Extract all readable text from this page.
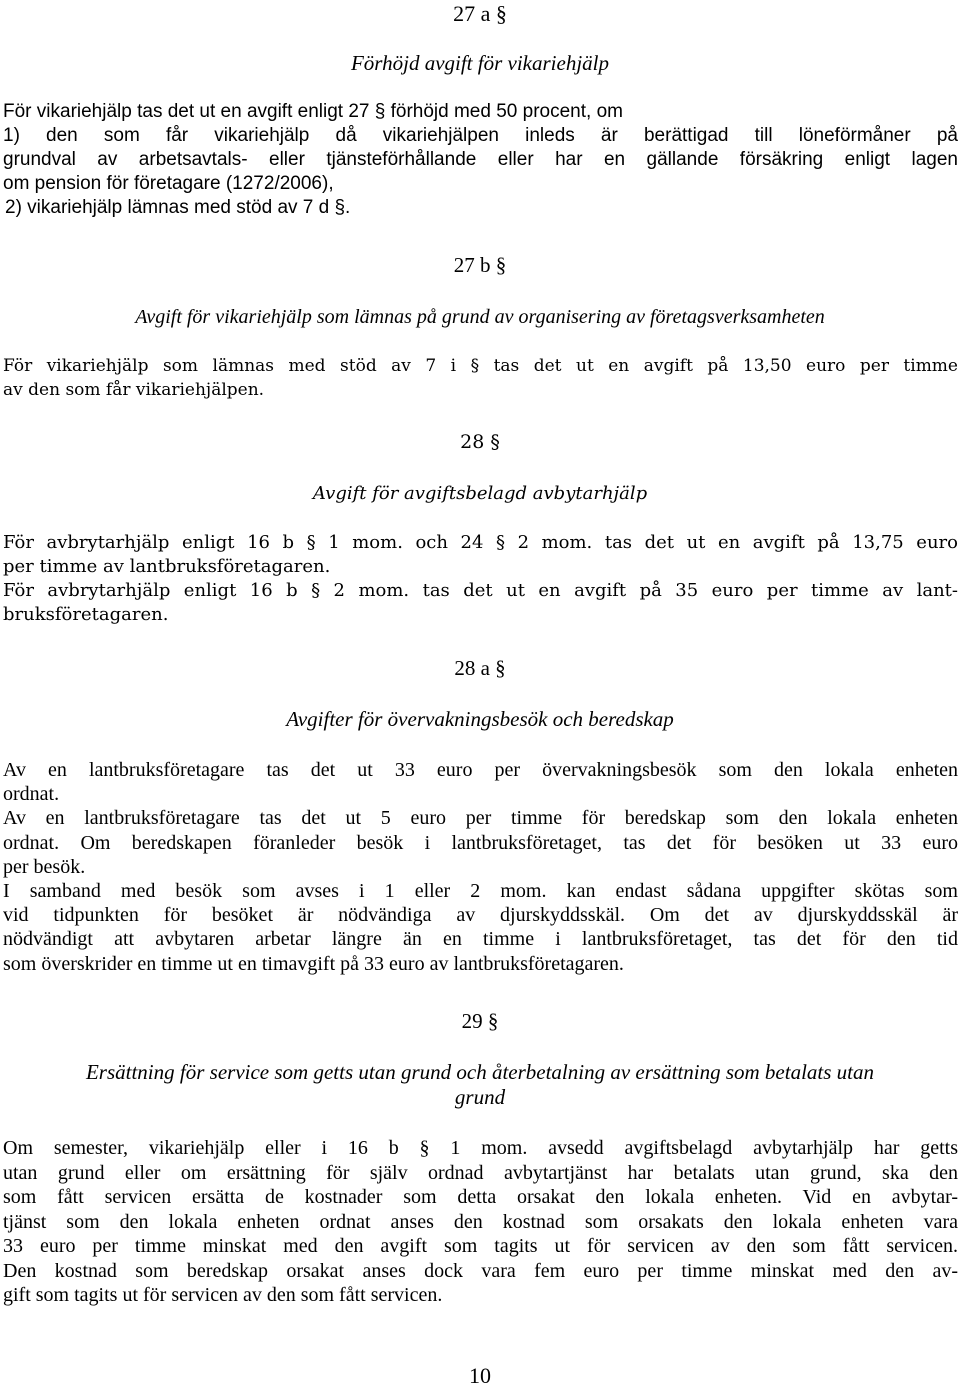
27 a §
Förhöjd avgift för vikariehjälp
För vikariehjälp tas det ut en avgift enligt 27 § förhöjd med 50 procent, om
1) den som får vikariehjälp då vikariehjälpen inleds är berättigad till löneförmåner på
grundval av arbetsavtals- eller tjänsteförhållande eller har en gällande försäkring enligt lagen
om pension för företagare (1272/2006),
2) vikariehjälp lämnas med stöd av 7 d §.
27 b §
Avgift för vikariehjälp som lämnas på grund av organisering av företagsverksamheten
För vikariehjälp som lämnas med stöd av 7 i § tas det ut en avgift på 13,50 euro per timme
av den som får vikariehjälpen.
28 §
Avgift för avgiftsbelagd avbytarhjälp
För avbrytarhjälp enligt 16 b § 1 mom. och 24 § 2 mom. tas det ut en avgift på 13,75 euro
per timme av lantbruksföretagaren.
För avbrytarhjälp enligt 16 b § 2 mom. tas det ut en avgift på 35 euro per timme av lant-
bruksföretagaren.
28 a §
Avgifter för övervakningsbesök och beredskap
Av en lantbruksföretagare tas det ut 33 euro per övervakningsbesök som den lokala enheten
ordnat.
Av en lantbruksföretagare tas det ut 5 euro per timme för beredskap som den lokala enheten
ordnat. Om beredskapen föranleder besök i lantbruksföretaget, tas det för besöken ut 33 euro
per besök.
I samband med besök som avses i 1 eller 2 mom. kan endast sådana uppgifter skötas som
vid tidpunkten för besöket är nödvändiga av djurskyddsskäl. Om det av djurskyddsskäl är
nödvändigt att avbytaren arbetar längre än en timme i lantbruksföretaget, tas det för den tid
som överskrider en timme ut en timavgift på 33 euro av lantbruksföretagaren.
29 §
Ersättning för service som getts utan grund och återbetalning av ersättning som betalats utan
grund
Om semester, vikariehjälp eller i 16 b § 1 mom. avsedd avgiftsbelagd avbytarhjälp har getts
utan grund eller om ersättning för själv ordnad avbytartjänst har betalats utan grund, ska den
som fått servicen ersätta de kostnader som detta orsakat den lokala enheten. Vid en avbytar-
tjänst som den lokala enheten ordnat anses den kostnad som orsakats den lokala enheten vara
33 euro per timme minskat med den avgift som tagits ut för servicen av den som fått servicen.
Den kostnad som beredskap orsakat anses dock vara fem euro per timme minskat med den av-
gift som tagits ut för servicen av den som fått servicen.
10
